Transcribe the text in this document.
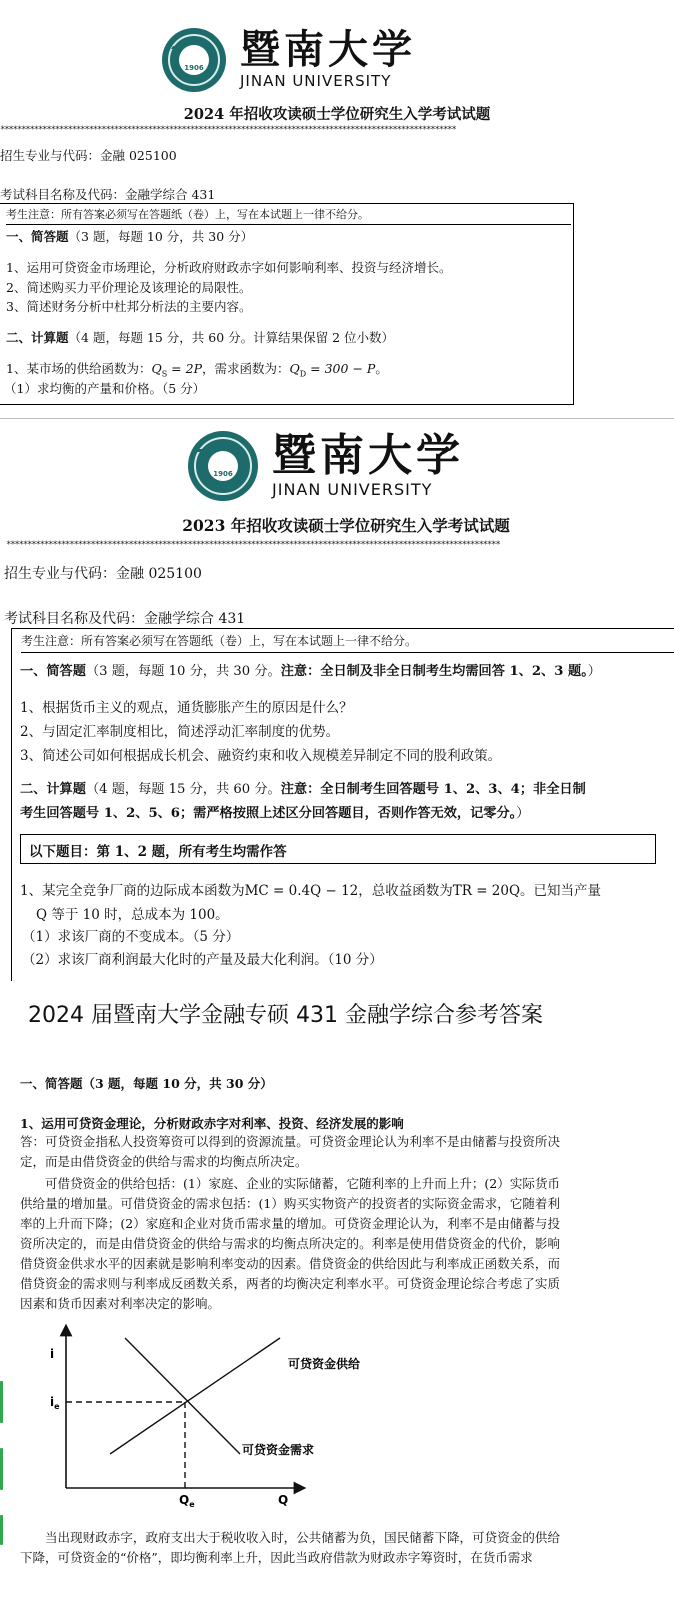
1906 暨南大学
JINAN UNIVERSITY
2024 年招收攻读硕士学位研究生入学考试试题
************************************************************************************************************
招生专业与代码：金融 025100
考试科目名称及代码：金融学综合 431
考生注意：所有答案必须写在答题纸（卷）上，写在本试题上一律不给分。
一、简答题（3 题，每题 10 分，共 30 分）
1、运用可贷资金市场理论，分析政府财政赤字如何影响利率、投资与经济增长。
2、简述购买力平价理论及该理论的局限性。
3、简述财务分析中杜邦分析法的主要内容。
二、计算题（4 题，每题 15 分，共 60 分。计算结果保留 2 位小数）
1、某市场的供给函数为：$Q_S = 2P$，需求函数为：$Q_D = 300 - P$。
（1）求均衡的产量和价格。（5 分）
1906 暨南大学
JINAN UNIVERSITY
2023 年招收攻读硕士学位研究生入学考试试题
*********************************************************************************************************************
招生专业与代码：金融 025100
考试科目名称及代码：金融学综合 431
考生注意：所有答案必须写在答题纸（卷）上，写在本试题上一律不给分。
一、简答题（3 题，每题 10 分，共 30 分。注意：全日制及非全日制考生均需回答 1、2、3 题。）
1、根据货币主义的观点，通货膨胀产生的原因是什么？
2、与固定汇率制度相比，简述浮动汇率制度的优势。
3、简述公司如何根据成长机会、融资约束和收入规模差异制定不同的股利政策。
二、计算题（4 题，每题 15 分，共 60 分。注意：全日制考生回答题号 1、2、3、4；非全日制
考生回答题号 1、2、5、6；需严格按照上述区分回答题目，否则作答无效，记零分。）
以下题目：第 1、2 题，所有考生均需作答
1、某完全竞争厂商的边际成本函数为MC = 0.4Q − 12，总收益函数为TR = 20Q。已知当产量
Q 等于 10 时，总成本为 100。
（1）求该厂商的不变成本。（5 分）
（2）求该厂商利润最大化时的产量及最大化利润。（10 分）
2024 届暨南大学金融专硕 431 金融学综合参考答案
一、简答题（3 题，每题 10 分，共 30 分）
1、运用可贷资金理论，分析财政赤字对利率、投资、经济发展的影响
答：可贷资金指私人投资筹资可以得到的资源流量。可贷资金理论认为利率不是由储蓄与投资所决定，而是由借贷资金的供给与需求的均衡点所决定。
可借贷资金的供给包括：(1）家庭、企业的实际储蓄，它随利率的上升而上升；(2）实际货币供给量的增加量。可借贷资金的需求包括：(1）购买实物资产的投资者的实际资金需求，它随着利率的上升而下降；(2）家庭和企业对货币需求量的增加。可贷资金理论认为，利率不是由储蓄与投资所决定的，而是由借贷资金的供给与需求的均衡点所决定的。利率是使用借贷资金的代价，影响借贷资金供求水平的因素就是影响利率变动的因素。借贷资金的供给因此与利率成正函数关系，而借贷资金的需求则与利率成反函数关系，两者的均衡决定利率水平。可贷资金理论综合考虑了实质因素和货币因素对利率决定的影响。
i
$i_e$
$Q_e$	Q
可贷资金供给
可贷资金需求
当出现财政赤字，政府支出大于税收收入时，公共储蓄为负，国民储蓄下降，可贷资金的供给下降，可贷资金的“价格”，即均衡利率上升，因此当政府借款为财政赤字筹资时，在货币需求
